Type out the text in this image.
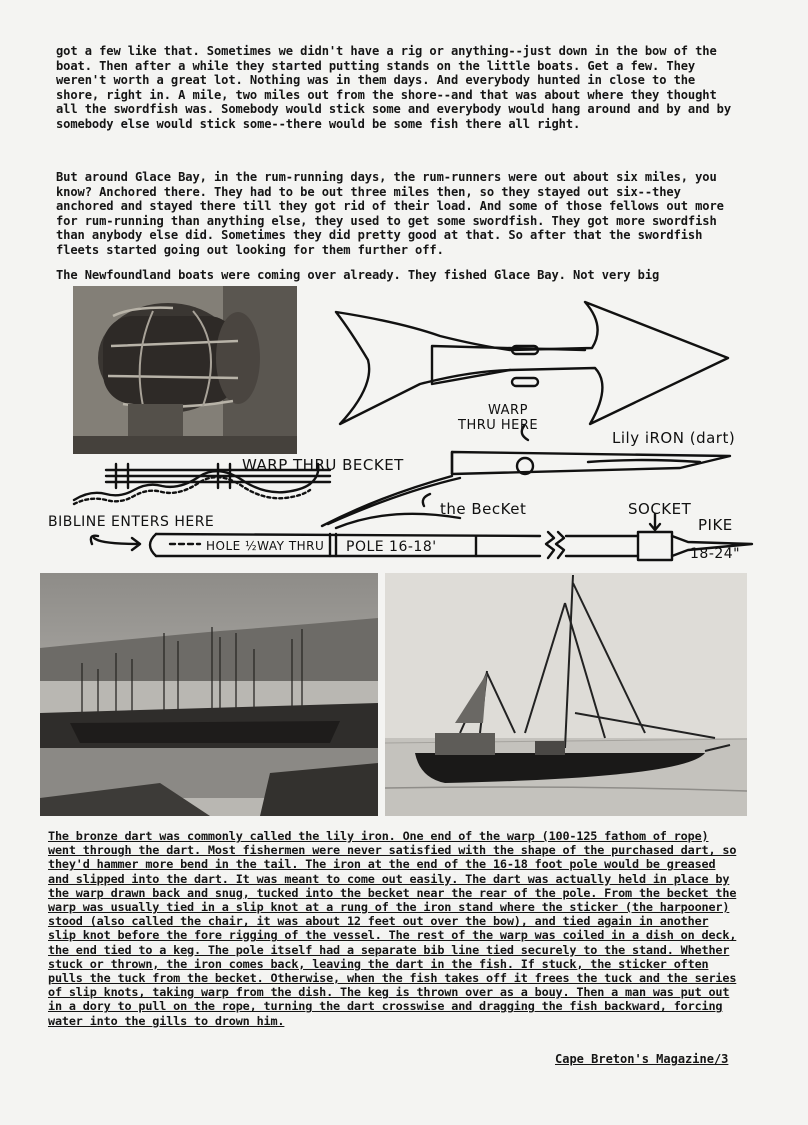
got a few like that. Sometimes we didn't have a rig or anything--just down in the bow of the boat. Then after a while they started putting stands on the little boats. Get a few. They weren't worth a great lot. Nothing was in them days. And everybody hunted in close to the shore, right in. A mile, two miles out from the shore--and that was about where they thought all the swordfish was. Somebody would stick some and everybody would hang around and by and by somebody else would stick some--there would be some fish there all right.

But around Glace Bay, in the rum-running days, the rum-runners were out about six miles, you know? Anchored there. They had to be out three miles then, so they stayed out six--they anchored and stayed there till they got rid of their load. And some of those fellows out more for rum-running than anything else, they used to get some swordfish. They got more swordfish than anybody else did. Sometimes they did pretty good at that. So after that the swordfish fleets started going out looking for them further off.

The Newfoundland boats were coming over already. They fished Glace Bay. Not very big

WARP
THRU HERE
Lily iRON (dart)
WARP THRU BECKET
the BecKet	SOCKET
PIKE
18-24"
BIBLINE ENTERS HERE
HOLE ½WAY THRU POLE 16-18'

The bronze dart was commonly called the lily iron. One end of the warp (100-125 fathom of rope) went through the dart. Most fishermen were never satisfied with the shape of the purchased dart, so they'd hammer more bend in the tail. The iron at the end of the 16-18 foot pole would be greased and slipped into the dart. It was meant to come out easily. The dart was actually held in place by the warp drawn back and snug, tucked into the becket near the rear of the pole. From the becket the warp was usually tied in a slip knot at a rung of the iron stand where the sticker (the harpooner) stood (also called the chair, it was about 12 feet out over the bow), and tied again in another slip knot before the fore rigging of the vessel. The rest of the warp was coiled in a dish on deck, the end tied to a keg. The pole itself had a separate bib line tied securely to the stand. Whether stuck or thrown, the iron comes back, leaving the dart in the fish. If stuck, the sticker often pulls the tuck from the becket. Otherwise, when the fish takes off it frees the tuck and the series of slip knots, taking warp from the dish. The keg is thrown over as a bouy. Then a man was put out in a dory to pull on the rope, turning the dart crosswise and dragging the fish backward, forcing water into the gills to drown him.

Cape Breton's Magazine/3
